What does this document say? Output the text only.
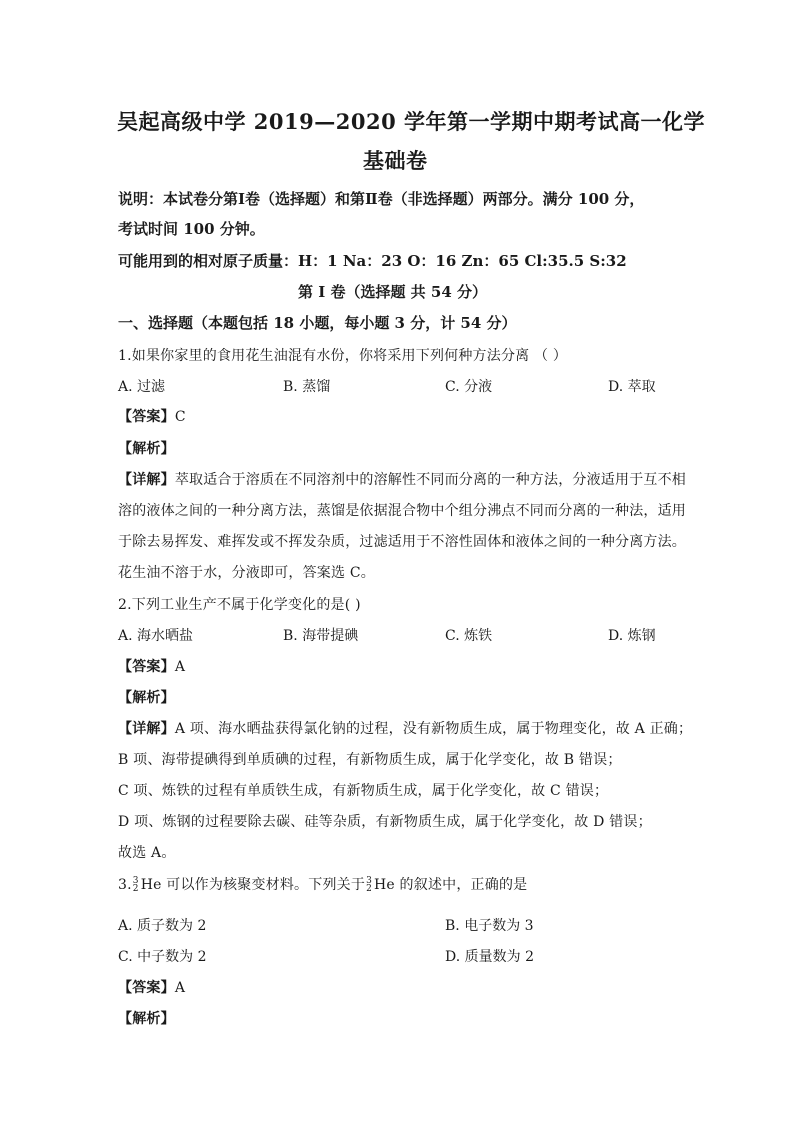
吴起高级中学 2019—2020 学年第一学期中期考试高一化学
基础卷
说明：本试卷分第Ⅰ卷（选择题）和第Ⅱ卷（非选择题）两部分。满分 100 分，
考试时间 100 分钟。
可能用到的相对原子质量：H：1 Na：23 O：16 Zn：65 Cl:35.5 S:32
第 I 卷（选择题 共 54 分）
一、选择题（本题包括 18 小题，每小题 3 分，计 54 分）
1.如果你家里的食用花生油混有水份，你将采用下列何种方法分离 （ ）
A. 过滤	B. 蒸馏	C. 分液	D. 萃取
【答案】C
【解析】
【详解】萃取适合于溶质在不同溶剂中的溶解性不同而分离的一种方法，分液适用于互不相
溶的液体之间的一种分离方法，蒸馏是依据混合物中个组分沸点不同而分离的一种法，适用
于除去易挥发、难挥发或不挥发杂质，过滤适用于不溶性固体和液体之间的一种分离方法。
花生油不溶于水，分液即可，答案选 C。
2.下列工业生产不属于化学变化的是( )
A. 海水晒盐	B. 海带提碘	C. 炼铁	D. 炼钢
【答案】A
【解析】
【详解】A 项、海水晒盐获得氯化钠的过程，没有新物质生成，属于物理变化，故 A 正确；
B 项、海带提碘得到单质碘的过程，有新物质生成，属于化学变化，故 B 错误；
C 项、炼铁的过程有单质铁生成，有新物质生成，属于化学变化，故 C 错误；
D 项、炼钢的过程要除去碳、硅等杂质，有新物质生成，属于化学变化，故 D 错误；
故选 A。
3. 3
2 He 可以作为核聚变材料。下列关于 3
2 He 的叙述中，正确的是
A. 质子数为 2	B. 电子数为 3
C. 中子数为 2	D. 质量数为 2
【答案】A
【解析】
